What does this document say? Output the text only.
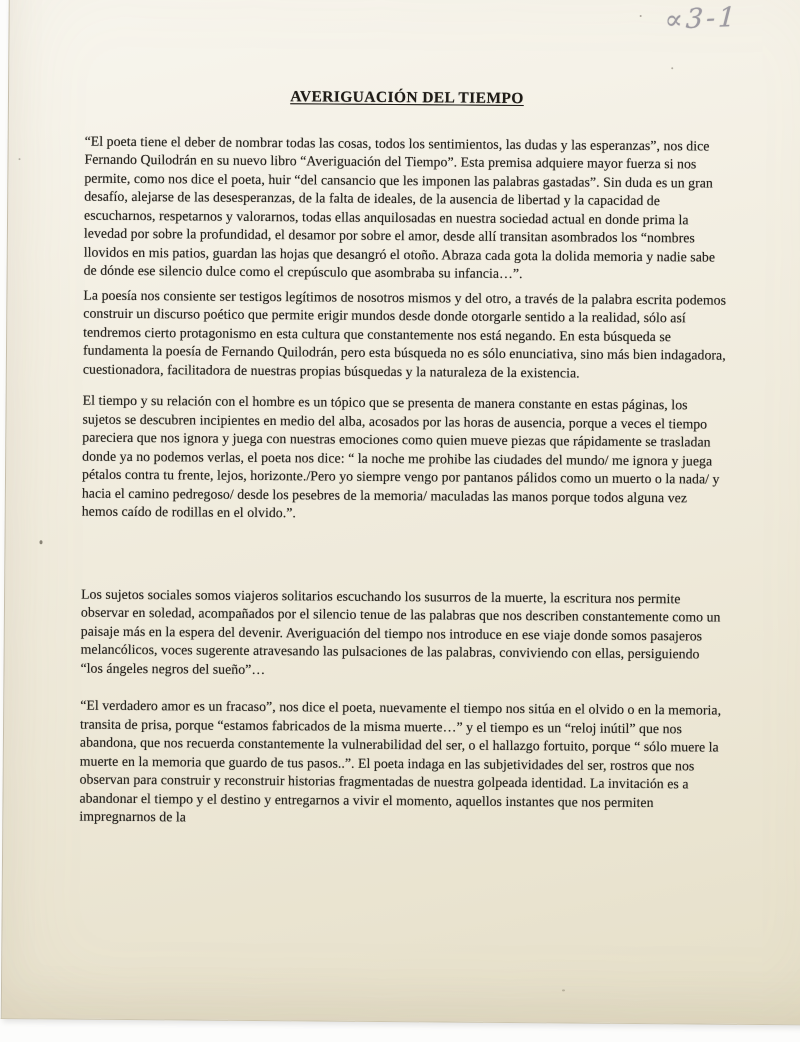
∝3-1
AVERIGUACIÓN DEL TIEMPO

“El poeta tiene el deber de nombrar todas las cosas, todos los sentimientos, las dudas y las esperanzas”, nos dice Fernando Quilodrán en su nuevo libro “Averiguación del Tiempo”. Esta premisa adquiere mayor fuerza si nos permite, como nos dice el poeta, huir “del cansancio que les imponen las palabras gastadas”. Sin duda es un gran desafío, alejarse de las desesperanzas, de la falta de ideales, de la ausencia de libertad y la capacidad de escucharnos, respetarnos y valorarnos, todas ellas anquilosadas en nuestra sociedad actual en donde prima la levedad por sobre la profundidad, el desamor por sobre el amor, desde allí transitan asombrados los “nombres llovidos en mis patios, guardan las hojas que desangró el otoño. Abraza cada gota la dolida memoria y nadie sabe de dónde ese silencio dulce como el crepúsculo que asombraba su infancia…”.

La poesía nos consiente ser testigos legítimos de nosotros mismos y del otro, a través de la palabra escrita podemos construir un discurso poético que permite erigir mundos desde donde otorgarle sentido a la realidad, sólo así tendremos cierto protagonismo en esta cultura que constantemente nos está negando. En esta búsqueda se fundamenta la poesía de Fernando Quilodrán, pero esta búsqueda no es sólo enunciativa, sino más bien indagadora, cuestionadora, facilitadora de nuestras propias búsquedas y la naturaleza de la existencia.

El tiempo y su relación con el hombre es un tópico que se presenta de manera constante en estas páginas, los sujetos se descubren incipientes en medio del alba, acosados por las horas de ausencia, porque a veces el tiempo pareciera que nos ignora y juega con nuestras emociones como quien mueve piezas que rápidamente se trasladan donde ya no podemos verlas, el poeta nos dice: “ la noche me prohibe las ciudades del mundo/ me ignora y juega pétalos contra tu frente, lejos, horizonte./Pero yo siempre vengo por pantanos pálidos como un muerto o la nada/ y hacia el camino pedregoso/ desde los pesebres de la memoria/ maculadas las manos porque todos alguna vez hemos caído de rodillas en el olvido.”.

Los sujetos sociales somos viajeros solitarios escuchando los susurros de la muerte, la escritura nos permite observar en soledad, acompañados por el silencio tenue de las palabras que nos describen constantemente como un paisaje más en la espera del devenir. Averiguación del tiempo nos introduce en ese viaje donde somos pasajeros melancólicos, voces sugerente atravesando las pulsaciones de las palabras, conviviendo con ellas, persiguiendo “los ángeles negros del sueño”…

“El verdadero amor es un fracaso”, nos dice el poeta, nuevamente el tiempo nos sitúa en el olvido o en la memoria, transita de prisa, porque “estamos fabricados de la misma muerte…” y el tiempo es un “reloj inútil” que nos abandona, que nos recuerda constantemente la vulnerabilidad del ser, o el hallazgo fortuito, porque “ sólo muere la muerte en la memoria que guardo de tus pasos..”. El poeta indaga en las subjetividades del ser, rostros que nos observan para construir y reconstruir historias fragmentadas de nuestra golpeada identidad. La invitación es a abandonar el tiempo y el destino y entregarnos a vivir el momento, aquellos instantes que nos permiten impregnarnos de la
